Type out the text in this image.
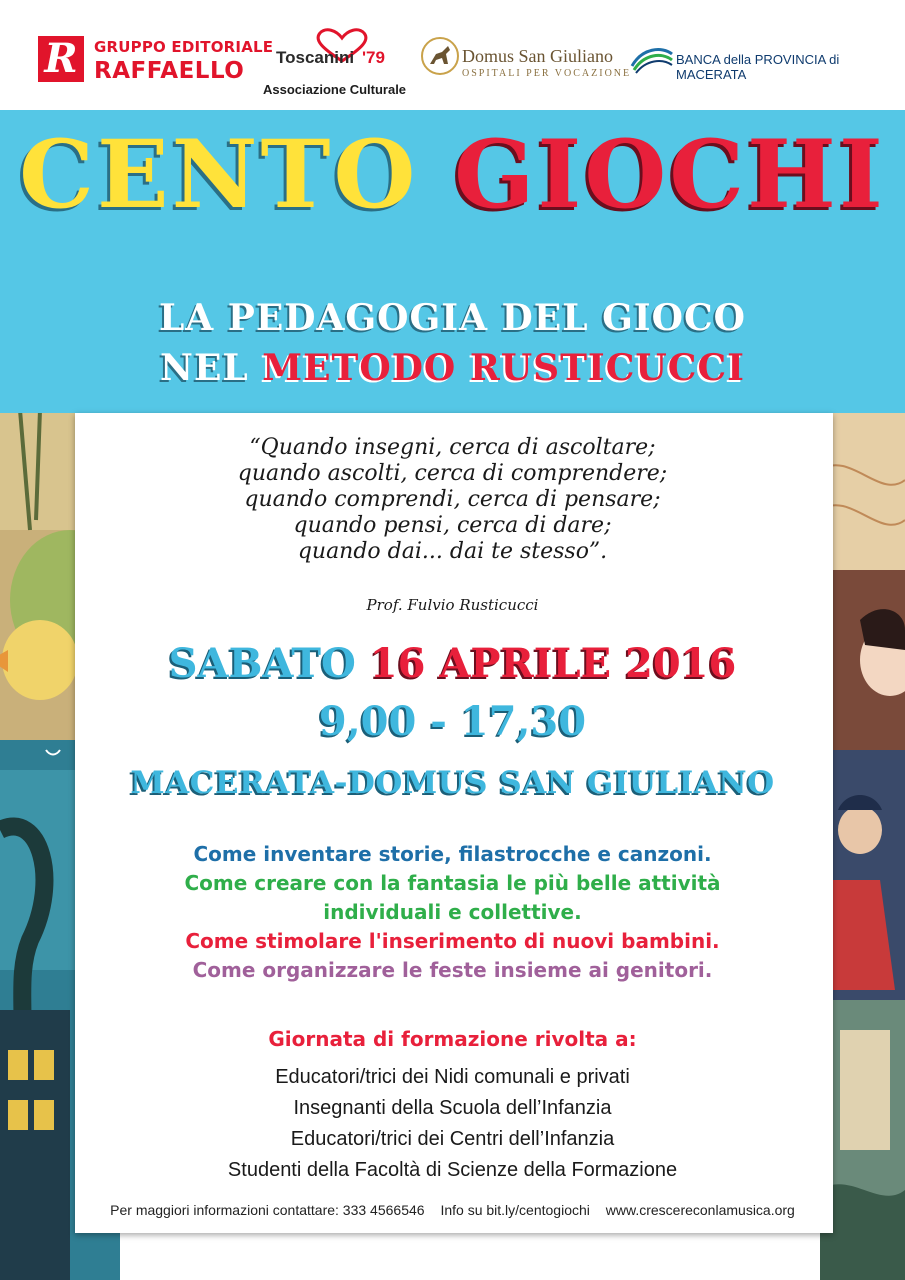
R	GRUPPO EDITORIALE
RAFFAELLO
Toscanini '79
Associazione Culturale
Domus San Giuliano
OSPITALI PER VOCAZIONE
BANCA della PROVINCIA di MACERATA
CENTO GIOCHI
LA PEDAGOGIA DEL GIOCO
NEL METODO RUSTICUCCI
“Quando insegni, cerca di ascoltare;
quando ascolti, cerca di comprendere;
quando comprendi, cerca di pensare;
quando pensi, cerca di dare;
quando dai... dai te stesso”.
Prof. Fulvio Rusticucci
SABATO 16 APRILE 2016
9,00 - 17,30
MACERATA-DOMUS SAN GIULIANO
Come inventare storie, filastrocche e canzoni.
Come creare con la fantasia le più belle attività
individuali e collettive.
Come stimolare l'inserimento di nuovi bambini.
Come organizzare le feste insieme ai genitori.
Giornata di formazione rivolta a:
Educatori/trici dei Nidi comunali e privati
Insegnanti della Scuola dell’Infanzia
Educatori/trici dei Centri dell’Infanzia
Studenti della Facoltà di Scienze della Formazione
Per maggiori informazioni contattare: 333 4566546 Info su bit.ly/centogiochi www.crescereconlamusica.org
